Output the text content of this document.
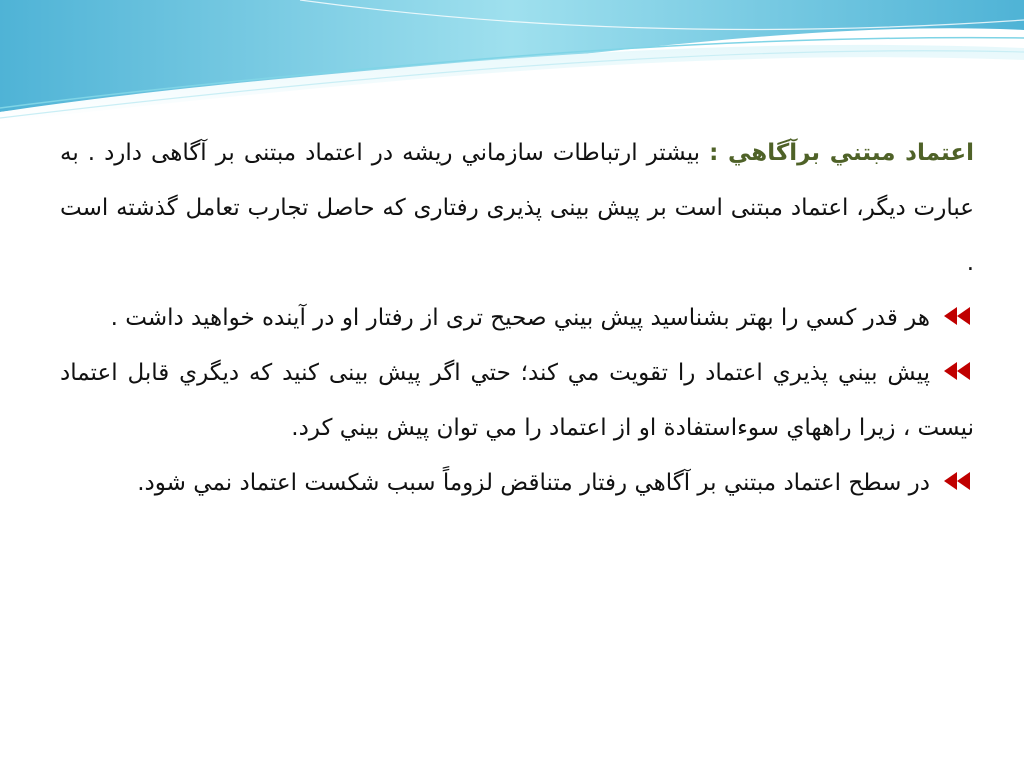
اعتماد مبتني برآگاهي : بيشتر ارتباطات سازماني ريشه در اعتماد مبتنی بر آگاهی دارد . به عبارت ديگر، اعتماد مبتنی است بر پيش بينی پذيری رفتاری كه حاصل تجارب تعامل گذشته است .

هر قدر كسي را بهتر بشناسيد پيش بيني صحيح تری از رفتار او در آينده خواهيد داشت .

پيش بيني پذيري اعتماد را تقويت مي كند؛ حتي اگر پيش بينی كنيد كه ديگري قابل اعتماد نيست ، زيرا راههاي سوءاستفادة او از اعتماد را مي توان پيش بيني كرد.

در سطح اعتماد مبتني بر آگاهي رفتار متناقض لزوماً سبب شكست اعتماد نمي شود.
